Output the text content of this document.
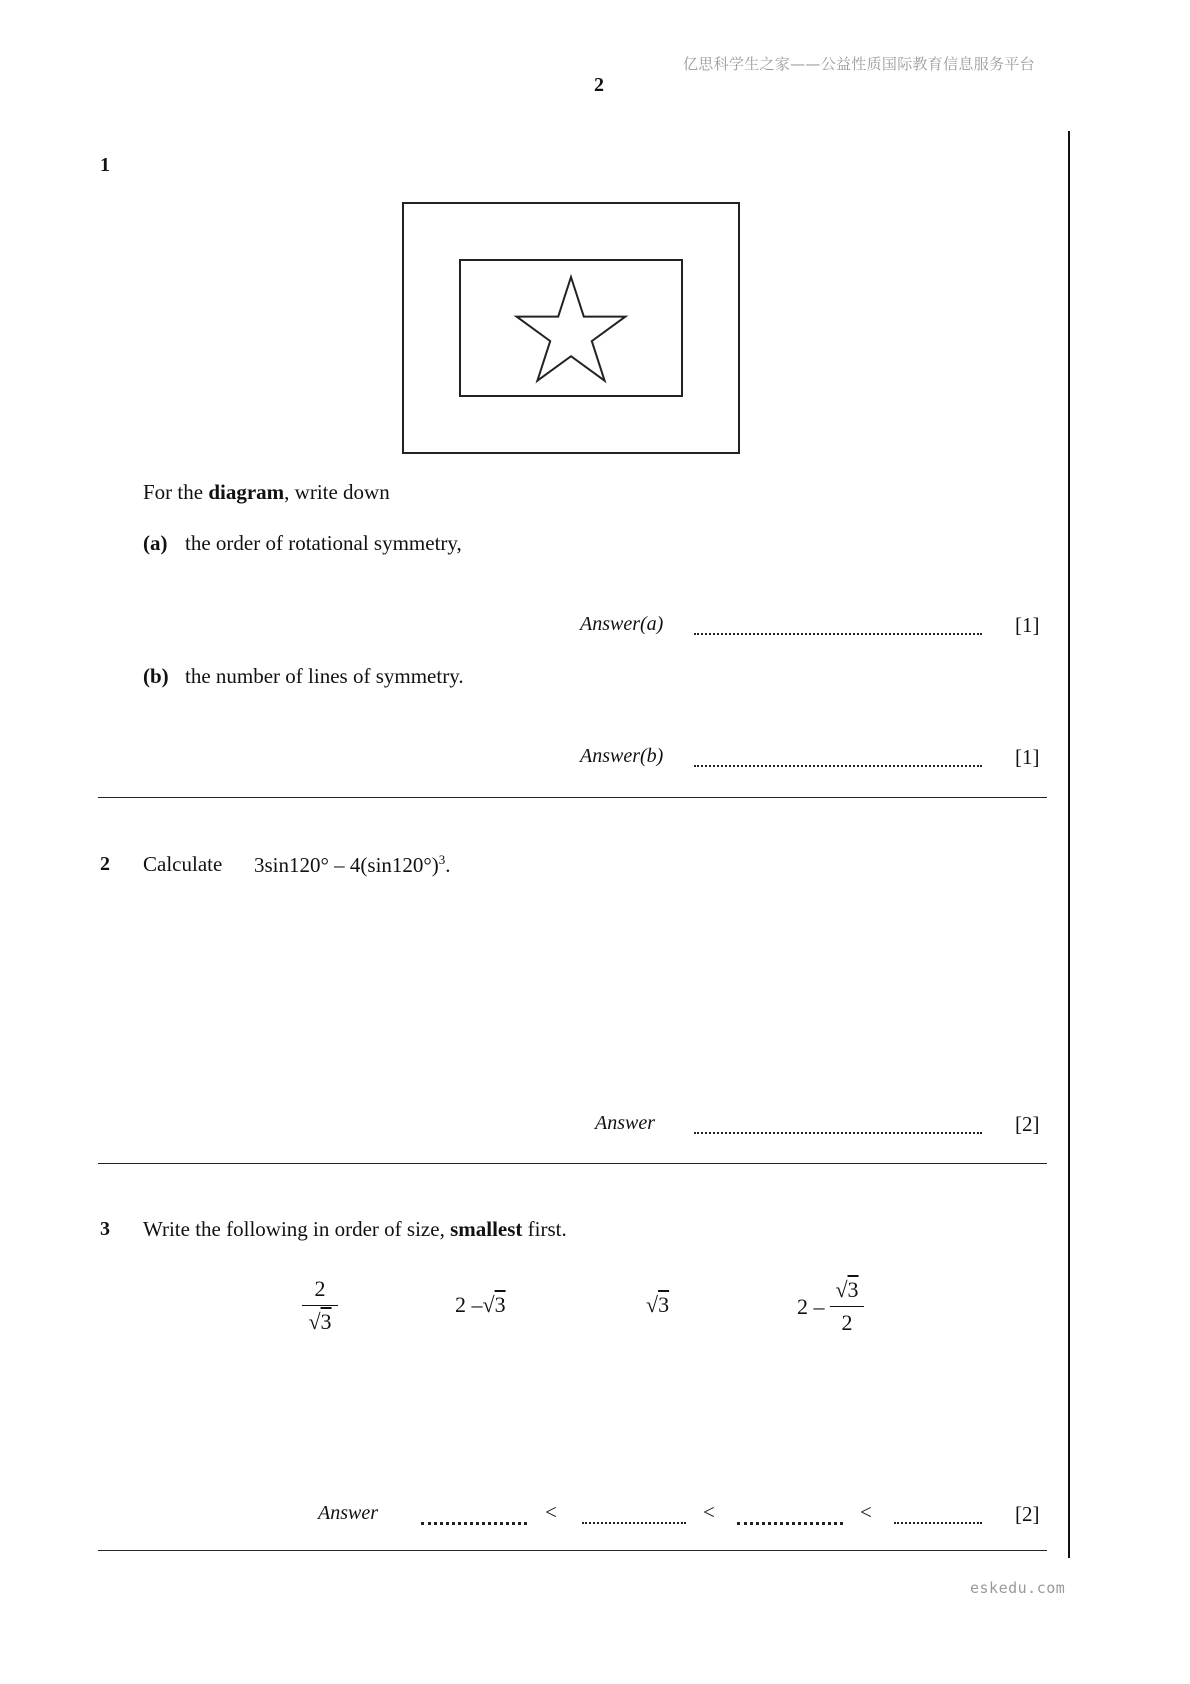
亿思科学生之家——公益性质国际教育信息服务平台
2
1
For the diagram, write down
(a) the order of rotational symmetry,
Answer(a)	[1]
(b) the number of lines of symmetry.
Answer(b)	[1]
2 Calculate $3\sin 120^\circ - 4(\sin 120^\circ)^3$.
Answer	[2]
3 Write the following in order of size, smallest first.
2
√3
2 –√3	√3	$2 - \frac{√3}{2}$
Answer	<	<	<	[2]
eskedu.com
